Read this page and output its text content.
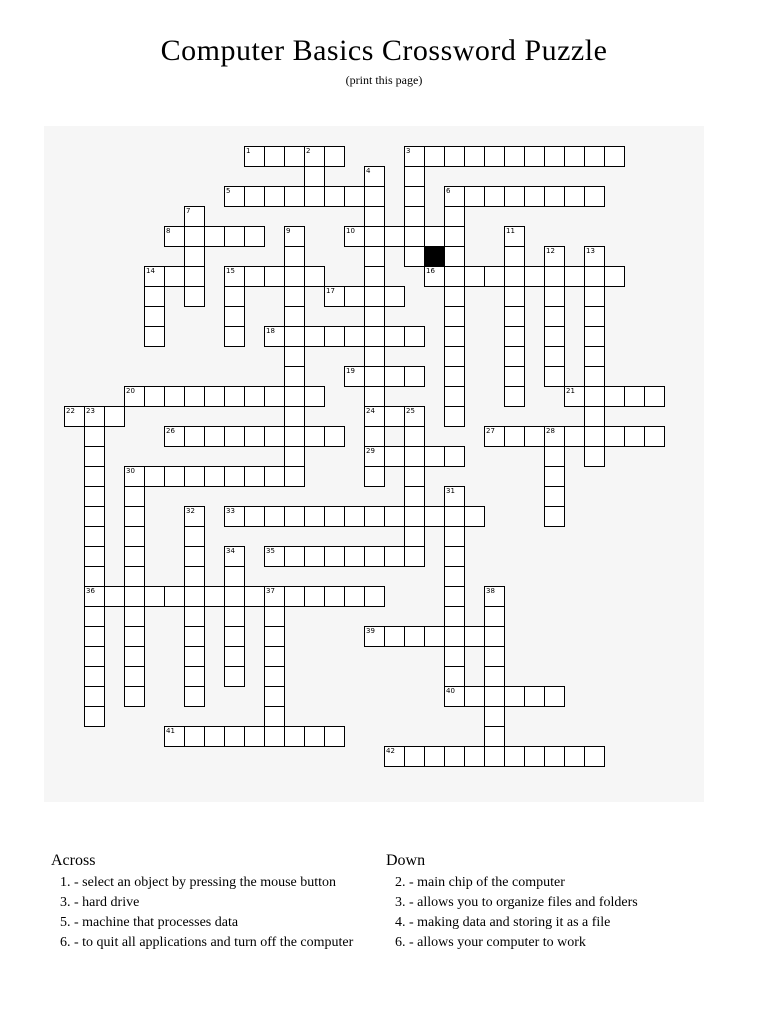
Computer Basics Crossword Puzzle
(print this page)
1	2	3
4
24
29
5	6
7
8	9	10	11
12	13
14	15	16
17
18
19
20	21
22 23
36
25
26	27	28
30
31
32	33
34	35
37	38
39
40
41
42
Across
1. - select an object by pressing the mouse button
3. - hard drive
5. - machine that processes data
6. - to quit all applications and turn off the computer
Down
2. - main chip of the computer
3. - allows you to organize files and folders
4. - making data and storing it as a file
6. - allows your computer to work
